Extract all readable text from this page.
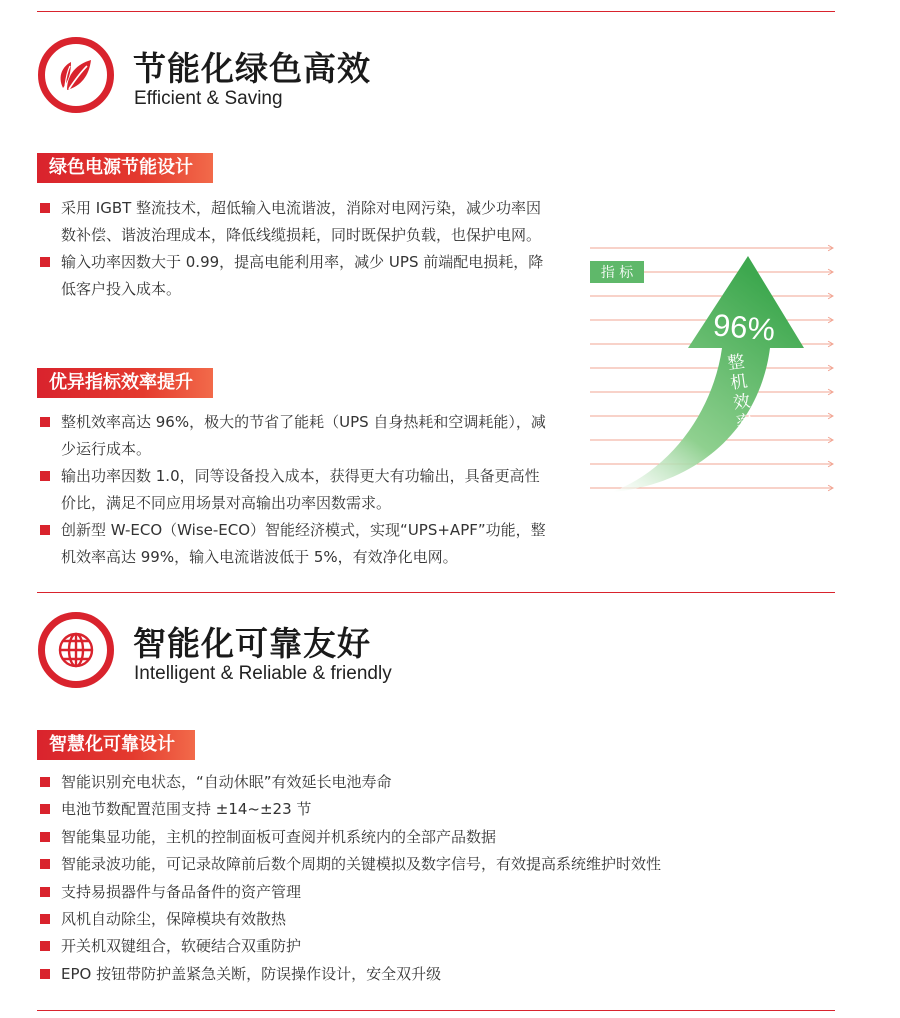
节能化绿色高效
Efficient & Saving
绿色电源节能设计
采用 IGBT 整流技术，超低输入电流谐波，消除对电网污染，减少功率因数补偿、谐波治理成本，降低线缆损耗，同时既保护负载，也保护电网。
输入功率因数大于 0.99，提高电能利用率，减少 UPS 前端配电损耗，降低客户投入成本。
优异指标效率提升
整机效率高达 96%，极大的节省了能耗（UPS 自身热耗和空调耗能），减少运行成本。
输出功率因数 1.0，同等设备投入成本，获得更大有功输出，具备更高性价比，满足不同应用场景对高输出功率因数需求。
创新型 W-ECO（Wise-ECO）智能经济模式，实现“UPS+APF”功能，整机效率高达 99%，输入电流谐波低于 5%，有效净化电网。
指 标
96%
整机效率
智能化可靠友好
Intelligent & Reliable & friendly
智慧化可靠设计
智能识别充电状态，“自动休眠”有效延长电池寿命
电池节数配置范围支持 ±14~±23 节
智能集显功能，主机的控制面板可查阅并机系统内的全部产品数据
智能录波功能，可记录故障前后数个周期的关键模拟及数字信号，有效提高系统维护时效性
支持易损器件与备品备件的资产管理
风机自动除尘，保障模块有效散热
开关机双键组合，软硬结合双重防护
EPO 按钮带防护盖紧急关断，防误操作设计，安全双升级
